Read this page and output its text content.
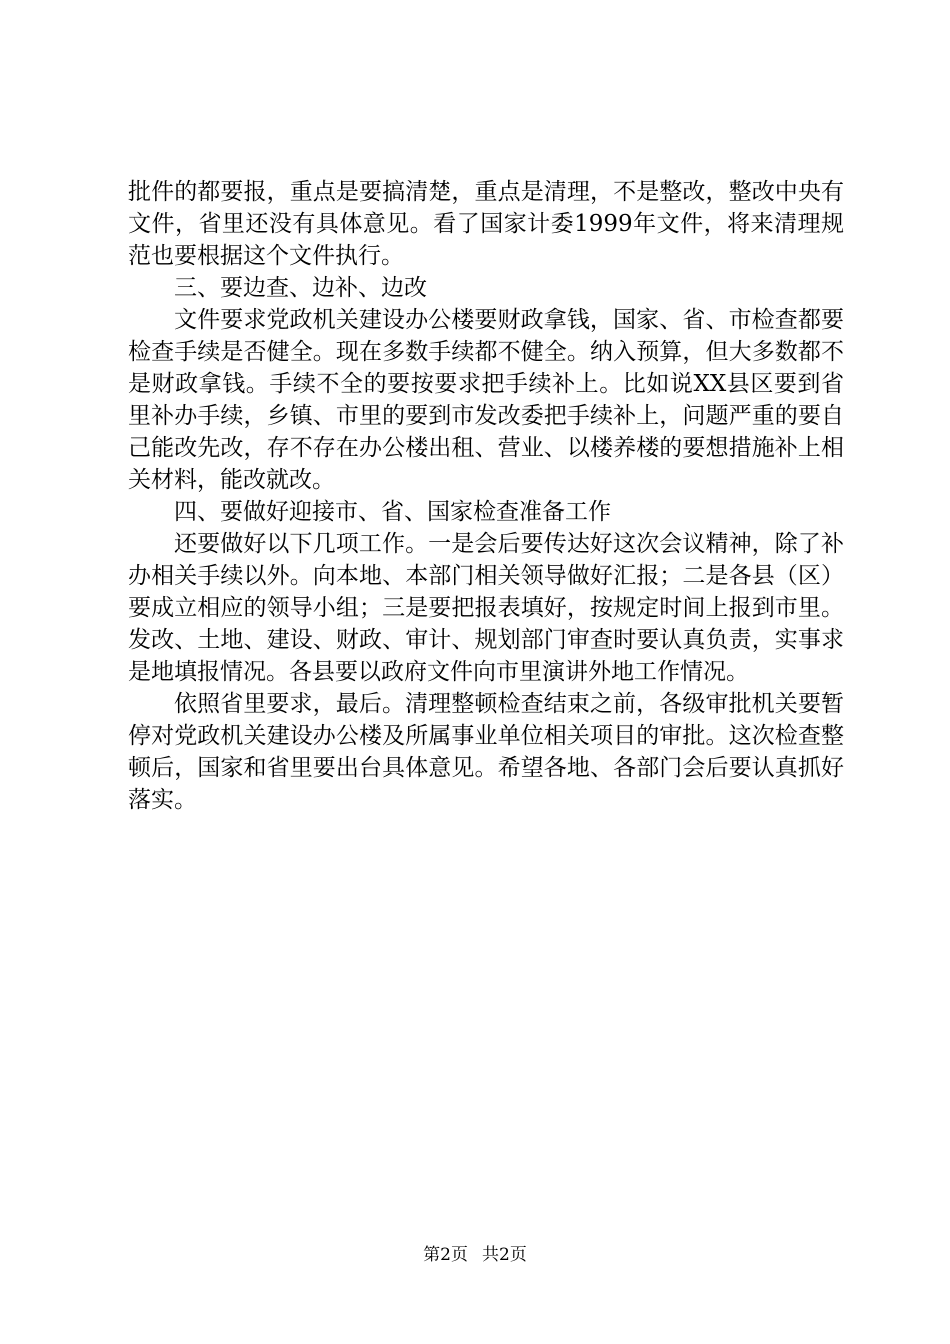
批件的都要报，重点是要搞清楚，重点是清理，不是整改，整改中央有文件，省里还没有具体意见。看了国家计委1999年文件，将来清理规范也要根据这个文件执行。

三、要边查、边补、边改

文件要求党政机关建设办公楼要财政拿钱，国家、省、市检查都要检查手续是否健全。现在多数手续都不健全。纳入预算，但大多数都不是财政拿钱。手续不全的要按要求把手续补上。比如说XX县区要到省里补办手续，乡镇、市里的要到市发改委把手续补上，问题严重的要自己能改先改，存不存在办公楼出租、营业、以楼养楼的要想措施补上相关材料，能改就改。

四、要做好迎接市、省、国家检查准备工作

还要做好以下几项工作。一是会后要传达好这次会议精神，除了补办相关手续以外。向本地、本部门相关领导做好汇报；二是各县（区）要成立相应的领导小组；三是要把报表填好，按规定时间上报到市里。发改、土地、建设、财政、审计、规划部门审查时要认真负责，实事求是地填报情况。各县要以政府文件向市里演讲外地工作情况。

依照省里要求，最后。清理整顿检查结束之前，各级审批机关要暂停对党政机关建设办公楼及所属事业单位相关项目的审批。这次检查整顿后，国家和省里要出台具体意见。希望各地、各部门会后要认真抓好落实。

第2页 共2页
